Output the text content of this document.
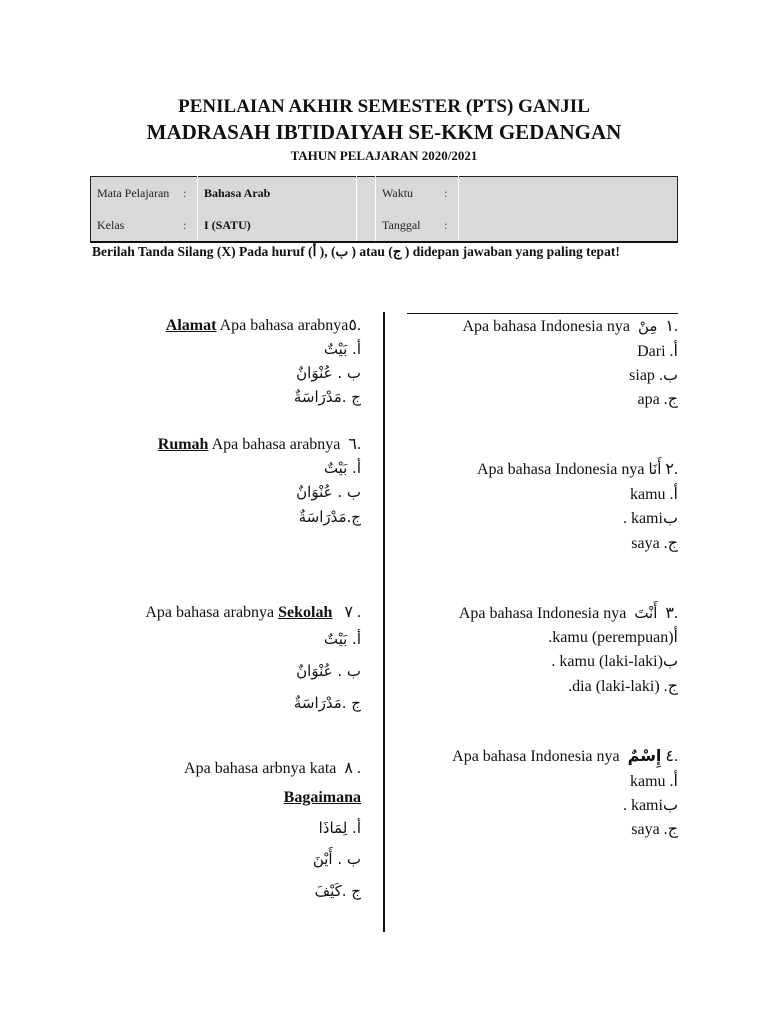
PENILAIAN AKHIR SEMESTER (PTS) GANJIL
MADRASAH IBTIDAIYAH SE-KKM GEDANGAN
TAHUN PELAJARAN 2020/2021
Mata Pelajaran	:	Bahasa Arab		Waktu	:	
Kelas	:	I (SATU)		Tanggal	:	
Berilah Tanda Silang (X) Pada huruf (أ ), (ب ) atau (ج ) didepan jawaban yang paling tepat!
.١  مِنْ  Apa bahasa Indonesia nya
أ. Dari
ب. siap
ج. apa
.٢ أَنَا Apa bahasa Indonesia nya
أ. kamu
بkami .
ج. saya
.٣  أَنْتَ  Apa bahasa Indonesia nya
أkamu (perempuan).
بkamu (laki-laki) .
ج. dia (laki-laki).
.٤ إِسْمٌ  Apa bahasa Indonesia nya
أ. kamu
بkami .
ج. saya
.٥Alamat Apa bahasa arabnya
أ. بَيْتٌ
ب . عُنْوَانٌ
ج .مَدْرَاسَةٌ
.٦  Rumah Apa bahasa arabnya
أ. بَيْتٌ
ب . عُنْوَانٌ
ج.مَدْرَاسَةٌ
. ٧   Apa bahasa arabnya Sekolah
أ. بَيْتٌ
ب . عُنْوَانٌ
ج .مَدْرَاسَةٌ
. ٨  Apa bahasa arbnya kata
Bagaimana
أ. لِمَاذَا
ب . أَيْنَ
ج .كَيْفَ
